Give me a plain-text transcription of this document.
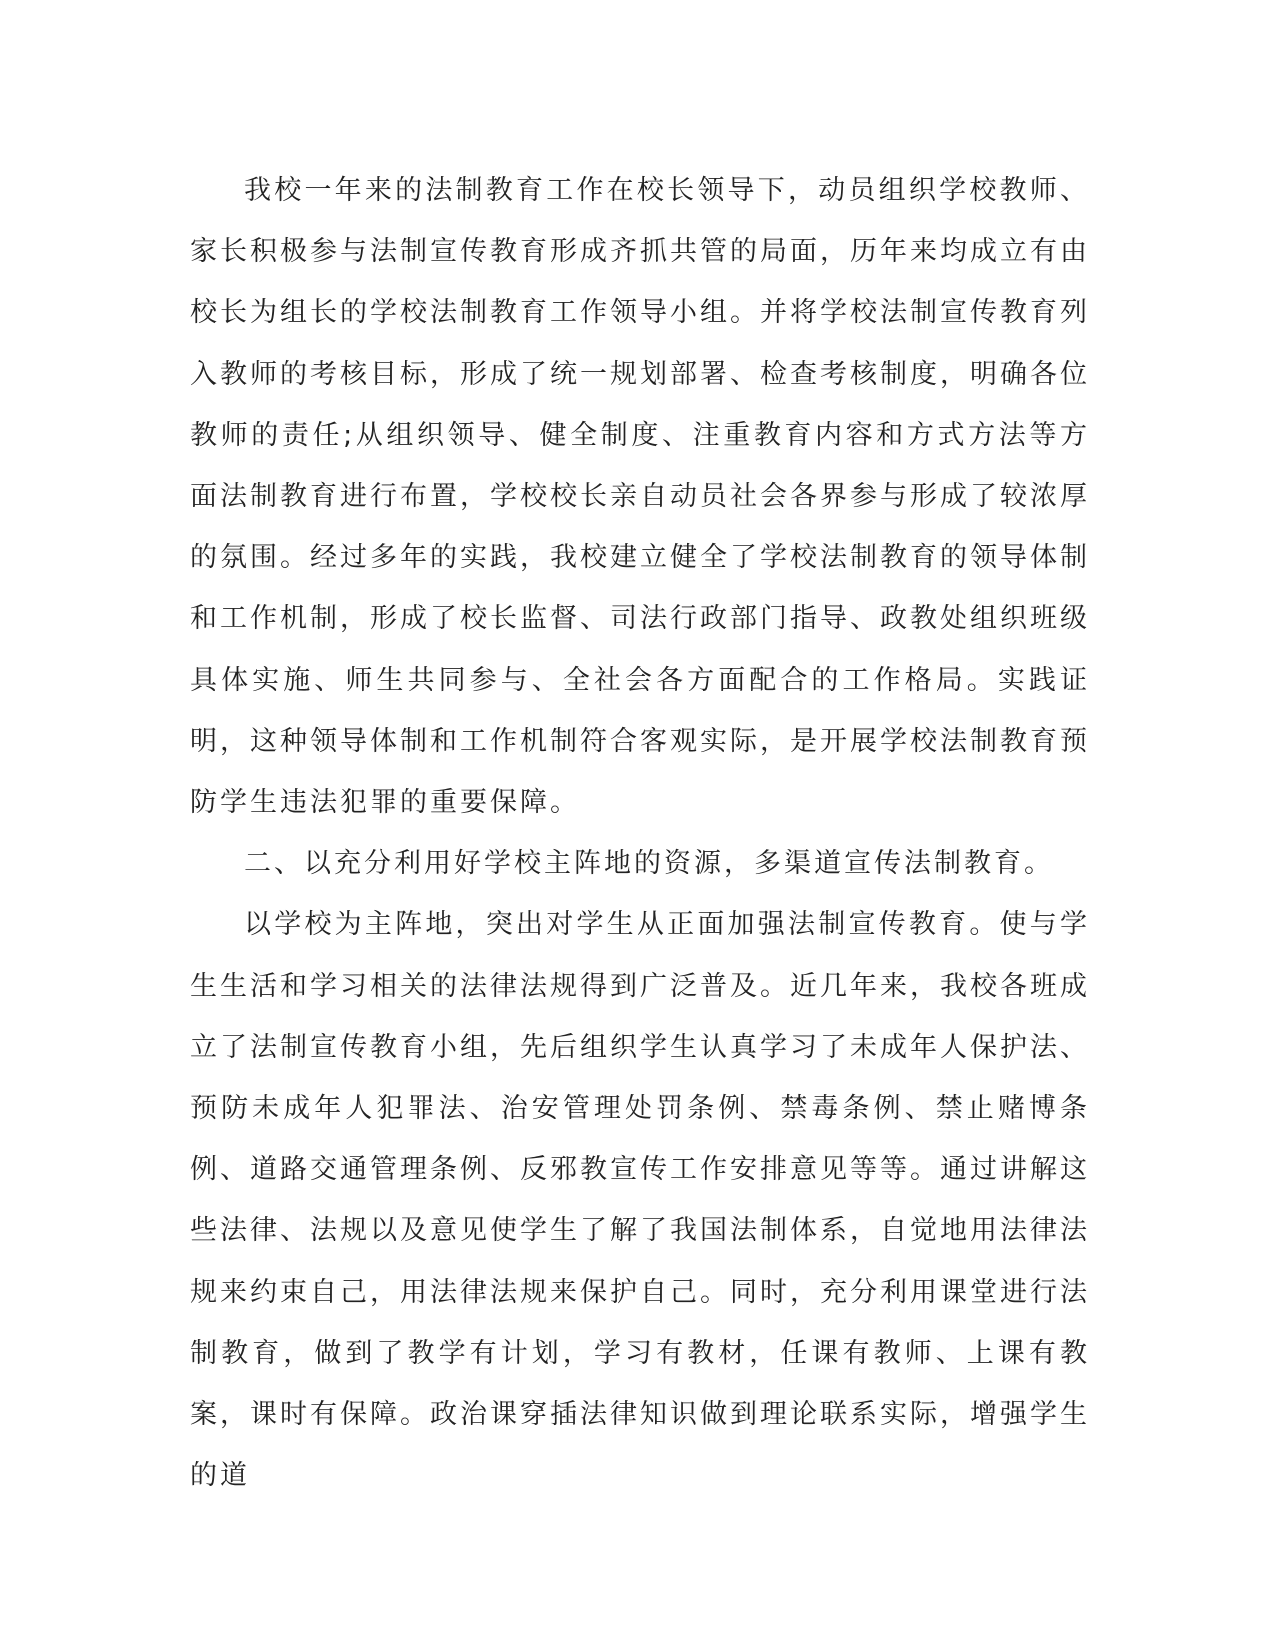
我校一年来的法制教育工作在校长领导下，动员组织学校教师、家长积极参与法制宣传教育形成齐抓共管的局面，历年来均成立有由校长为组长的学校法制教育工作领导小组。并将学校法制宣传教育列入教师的考核目标，形成了统一规划部署、检查考核制度，明确各位教师的责任;从组织领导、健全制度、注重教育内容和方式方法等方面法制教育进行布置，学校校长亲自动员社会各界参与形成了较浓厚的氛围。经过多年的实践，我校建立健全了学校法制教育的领导体制和工作机制，形成了校长监督、司法行政部门指导、政教处组织班级具体实施、师生共同参与、全社会各方面配合的工作格局。实践证明，这种领导体制和工作机制符合客观实际，是开展学校法制教育预防学生违法犯罪的重要保障。

二、以充分利用好学校主阵地的资源，多渠道宣传法制教育。

以学校为主阵地，突出对学生从正面加强法制宣传教育。使与学生生活和学习相关的法律法规得到广泛普及。近几年来，我校各班成立了法制宣传教育小组，先后组织学生认真学习了未成年人保护法、预防未成年人犯罪法、治安管理处罚条例、禁毒条例、禁止赌博条例、道路交通管理条例、反邪教宣传工作安排意见等等。通过讲解这些法律、法规以及意见使学生了解了我国法制体系，自觉地用法律法规来约束自己，用法律法规来保护自己。同时，充分利用课堂进行法制教育，做到了教学有计划，学习有教材，任课有教师、上课有教案，课时有保障。政治课穿插法律知识做到理论联系实际，增强学生的道
